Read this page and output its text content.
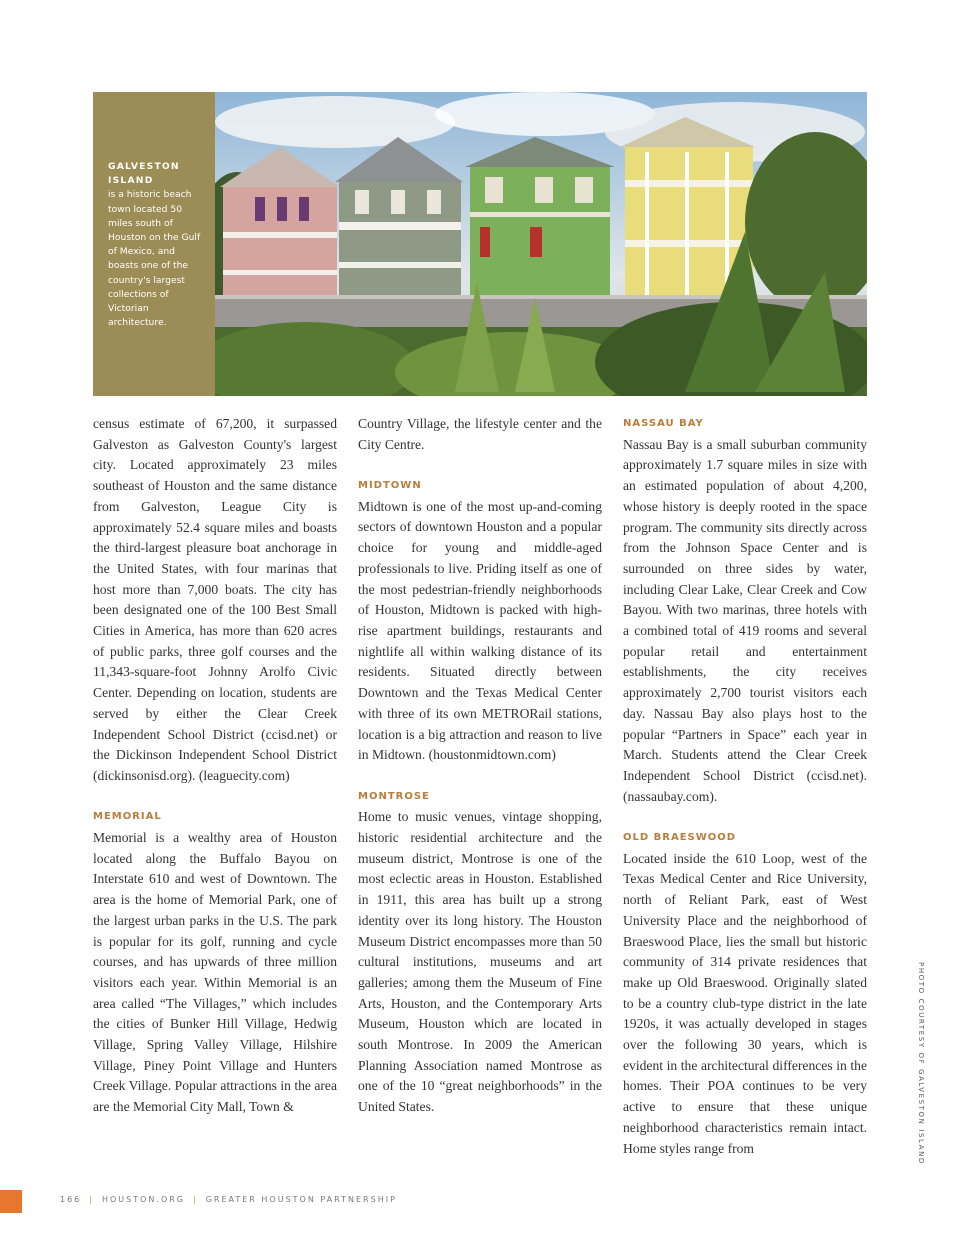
GALVESTON ISLAND
is a historic beach town located 50 miles south of Houston on the Gulf of Mexico, and boasts one of the country's largest collections of Victorian architecture.

census estimate of 67,200, it surpassed Galveston as Galveston County's largest city. Located approximately 23 miles southeast of Houston and the same distance from Galveston, League City is approximately 52.4 square miles and boasts the third-largest pleasure boat anchorage in the United States, with four marinas that host more than 7,000 boats. The city has been designated one of the 100 Best Small Cities in America, has more than 620 acres of public parks, three golf courses and the 11,343-square-foot Johnny Arolfo Civic Center. Depending on location, students are served by either the Clear Creek Independent School District (ccisd.net) or the Dickinson Independent School District (dickinsonisd.org). (leaguecity.com)

MEMORIAL

Memorial is a wealthy area of Houston located along the Buffalo Bayou on Interstate 610 and west of Downtown. The area is the home of Memorial Park, one of the largest urban parks in the U.S. The park is popular for its golf, running and cycle courses, and has upwards of three million visitors each year. Within Memorial is an area called “The Villages,” which includes the cities of Bunker Hill Village, Hedwig Village, Spring Valley Village, Hilshire Village, Piney Point Village and Hunters Creek Village. Popular attractions in the area are the Memorial City Mall, Town &

Country Village, the lifestyle center and the City Centre.

MIDTOWN

Midtown is one of the most up-and-coming sectors of downtown Houston and a popular choice for young and middle-aged professionals to live. Priding itself as one of the most pedestrian-friendly neighborhoods of Houston, Midtown is packed with high-rise apartment buildings, restaurants and nightlife all within walking distance of its residents. Situated directly between Downtown and the Texas Medical Center with three of its own METRORail stations, location is a big attraction and reason to live in Midtown. (houstonmidtown.com)

MONTROSE

Home to music venues, vintage shopping, historic residential architecture and the museum district, Montrose is one of the most eclectic areas in Houston. Established in 1911, this area has built up a strong identity over its long history. The Houston Museum District encompasses more than 50 cultural institutions, museums and art galleries; among them the Museum of Fine Arts, Houston, and the Contemporary Arts Museum, Houston which are located in south Montrose. In 2009 the American Planning Association named Montrose as one of the 10 “great neighborhoods” in the United States.

NASSAU BAY

Nassau Bay is a small suburban community approximately 1.7 square miles in size with an estimated population of about 4,200, whose history is deeply rooted in the space program. The community sits directly across from the Johnson Space Center and is surrounded on three sides by water, including Clear Lake, Clear Creek and Cow Bayou. With two marinas, three hotels with a combined total of 419 rooms and several popular retail and entertainment establishments, the city receives approximately 2,700 tourist visitors each day. Nassau Bay also plays host to the popular “Partners in Space” each year in March. Students attend the Clear Creek Independent School District (ccisd.net). (nassaubay.com).

OLD BRAESWOOD

Located inside the 610 Loop, west of the Texas Medical Center and Rice University, north of Reliant Park, east of West University Place and the neighborhood of Braeswood Place, lies the small but historic community of 314 private residences that make up Old Braeswood. Originally slated to be a country club-type district in the late 1920s, it was actually developed in stages over the following 30 years, which is evident in the architectural differences in the homes. Their POA continues to be very active to ensure that these unique neighborhood characteristics remain intact. Home styles range from	PHOTO COURTESY OF GALVESTON ISLAND
166 | HOUSTON.ORG | GREATER HOUSTON PARTNERSHIP
